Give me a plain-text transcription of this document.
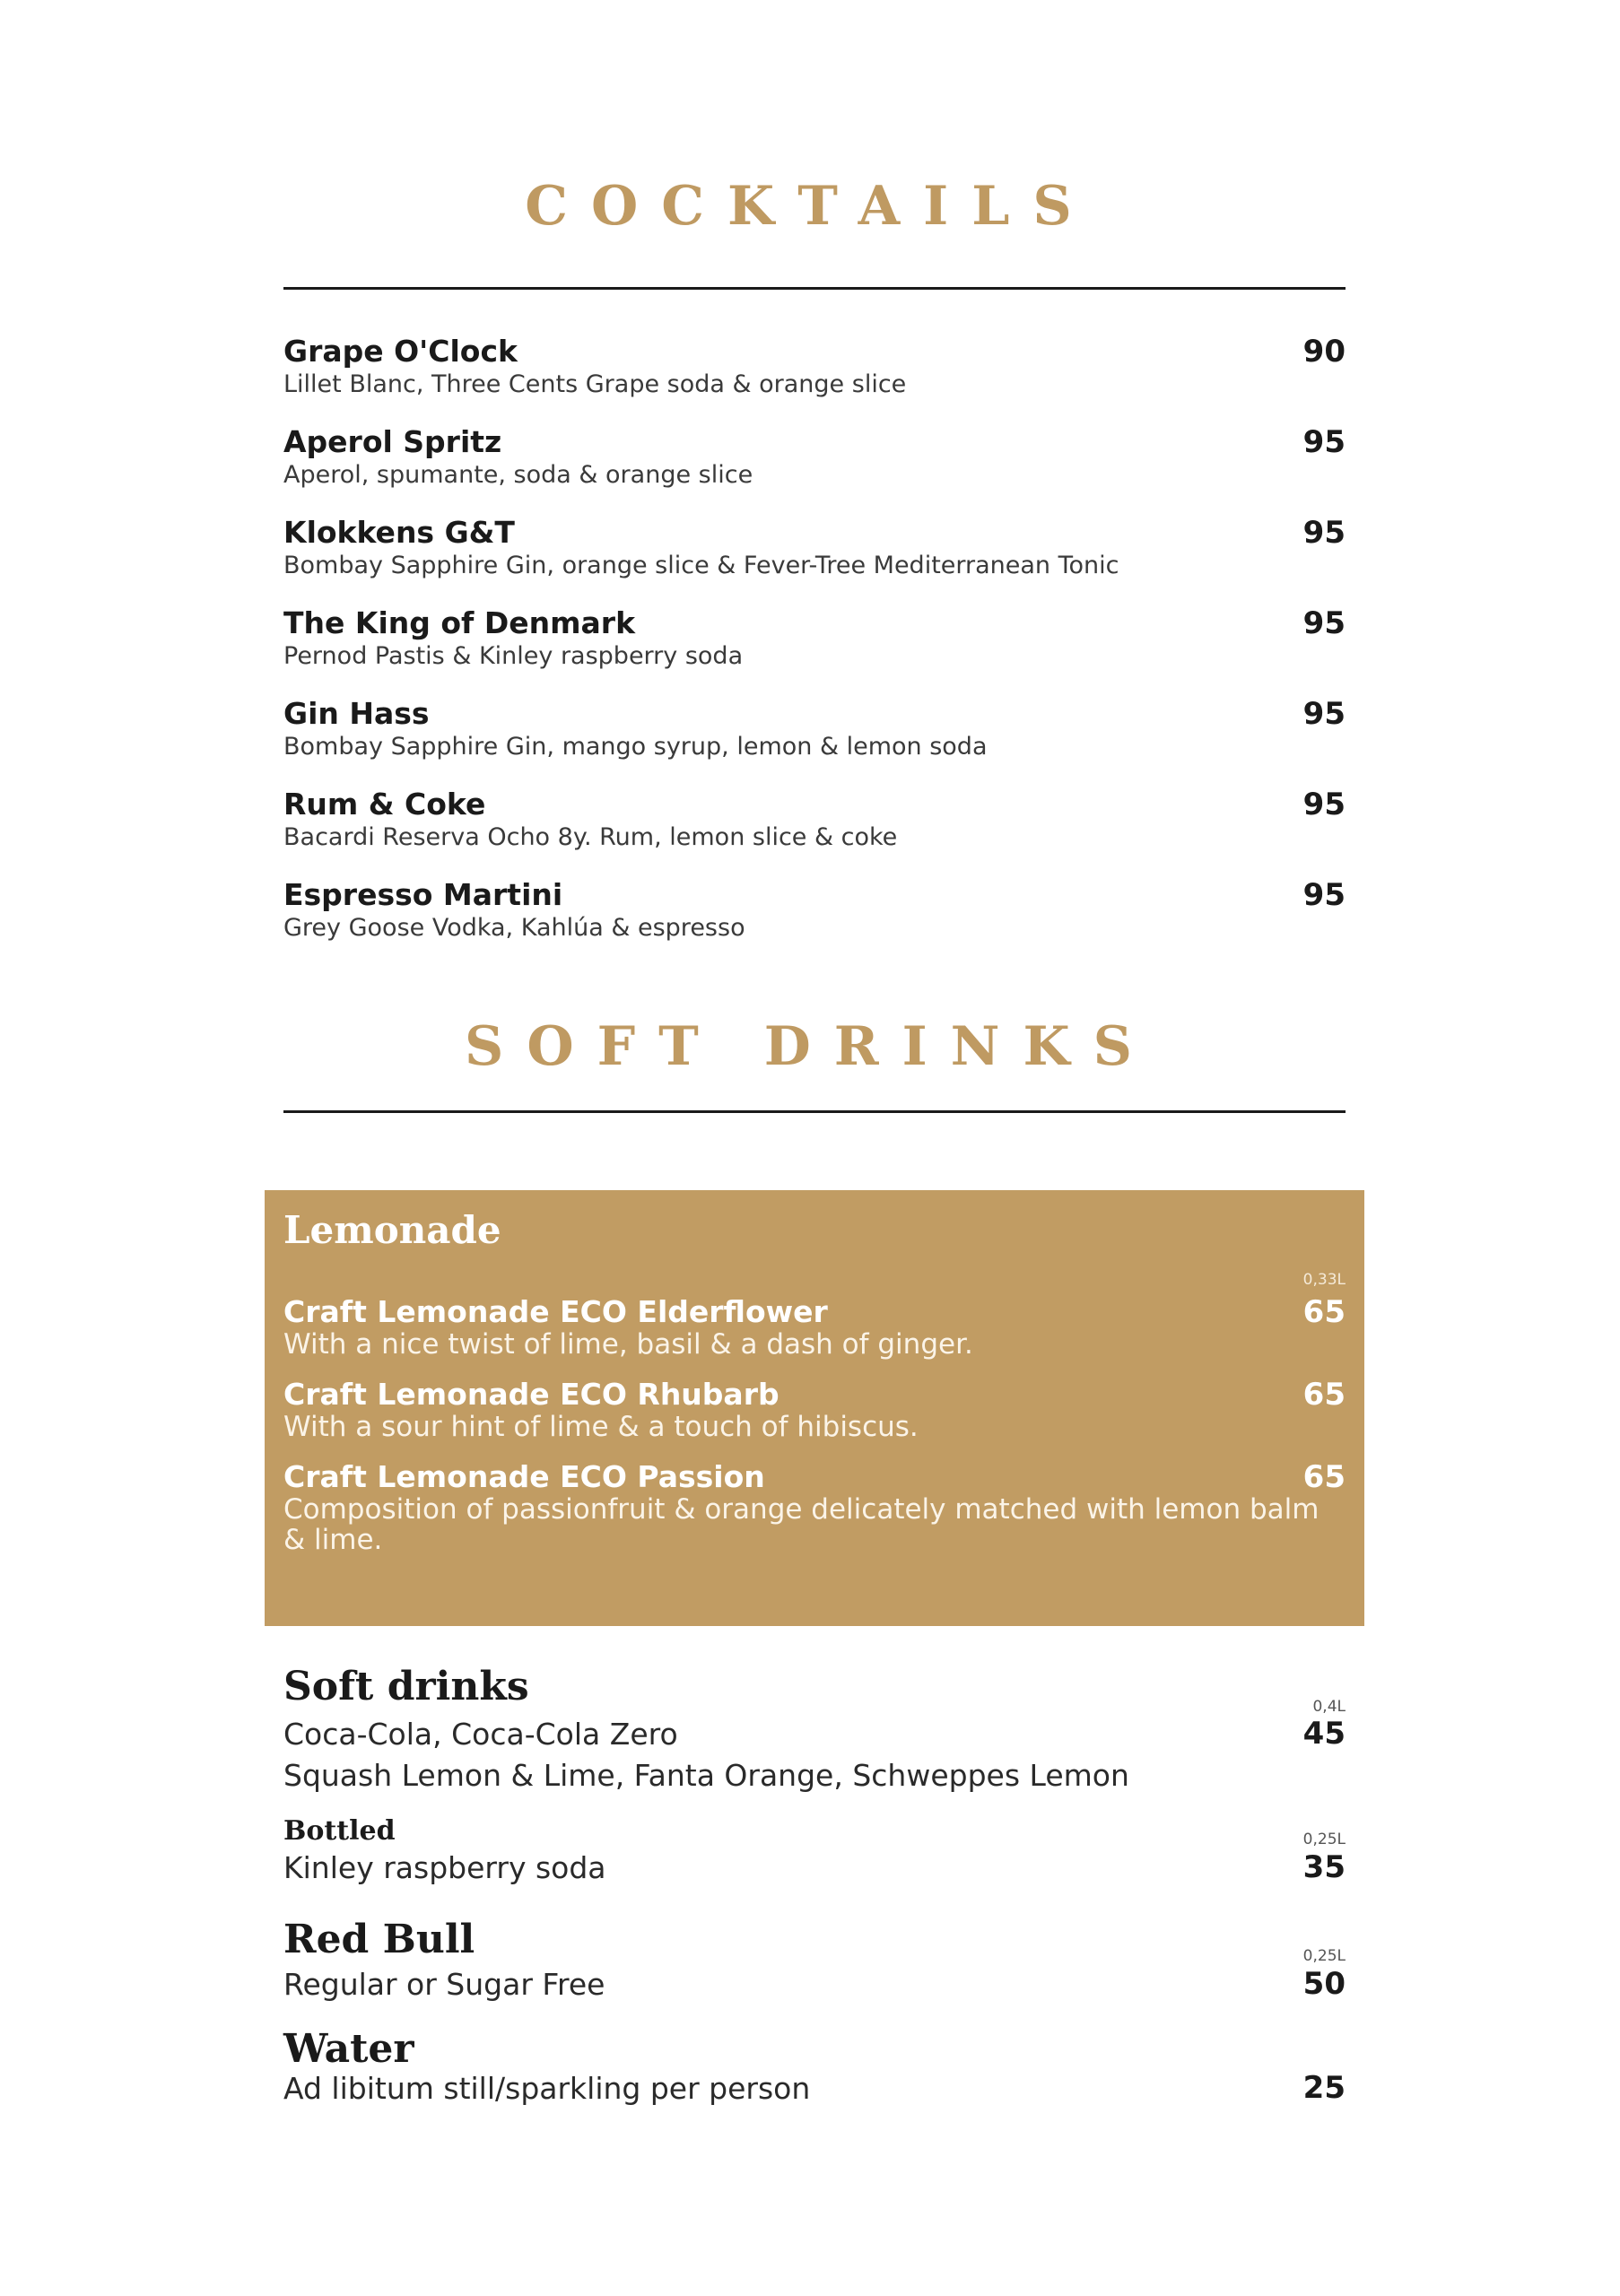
COCKTAILS
Grape O'Clock
Lillet Blanc, Three Cents Grape soda & orange slice
90
Aperol Spritz
Aperol, spumante, soda & orange slice
95
Klokkens G&T
Bombay Sapphire Gin, orange slice & Fever-Tree Mediterranean Tonic
95
The King of Denmark
Pernod Pastis & Kinley raspberry soda
95
Gin Hass
Bombay Sapphire Gin, mango syrup, lemon & lemon soda
95
Rum & Coke
Bacardi Reserva Ocho 8y. Rum, lemon slice & coke
95
Espresso Martini
Grey Goose Vodka, Kahlúa & espresso
95
SOFT DRINKS
Lemonade
0,33L
Craft Lemonade ECO Elderflower
With a nice twist of lime, basil & a dash of ginger.
65
Craft Lemonade ECO Rhubarb
With a sour hint of lime & a touch of hibiscus.
65
Craft Lemonade ECO Passion
Composition of passionfruit & orange delicately matched with lemon balm & lime.
65
Soft drinks	0,4L
Coca-Cola, Coca-Cola Zero	45
Squash Lemon & Lime, Fanta Orange, Schweppes Lemon
Bottled	0,25L
Kinley raspberry soda	35
Red Bull	0,25L
Regular or Sugar Free	50
Water
Ad libitum still/sparkling per person	25
